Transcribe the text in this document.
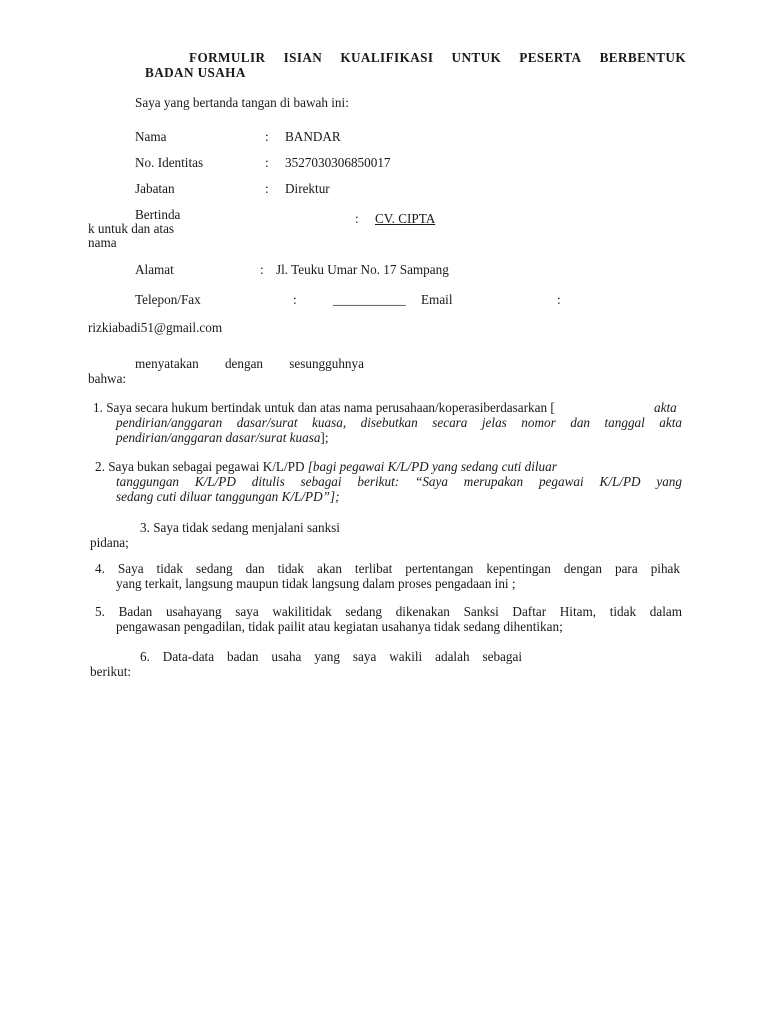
FORMULIR ISIAN KUALIFIKASI UNTUK PESERTA BERBENTUK
BADAN USAHA
Saya yang bertanda tangan di bawah ini:
Nama	: BANDAR
No. Identitas	: 3527030306850017
Jabatan	: Direktur
Bertinda	: CV. CIPTA
k untuk dan atas
nama
Alamat	: Jl. Teuku Umar No. 17 Sampang
Telepon/Fax	:	___________ Email	:
rizkiabadi51@gmail.com
menyatakan dengan sesungguhnya
bahwa:
1. Saya secara hukum bertindak untuk dan atas nama perusahaan/koperasiberdasarkan [	akta
pendirian/anggaran dasar/surat kuasa, disebutkan secara jelas nomor dan tanggal akta
pendirian/anggaran dasar/surat kuasa];
2. Saya bukan sebagai pegawai K/L/PD [bagi pegawai K/L/PD yang sedang cuti diluar
tanggungan K/L/PD ditulis sebagai berikut: “Saya merupakan pegawai K/L/PD yang
sedang cuti diluar tanggungan K/L/PD”];
3. Saya tidak sedang menjalani sanksi
pidana;
4. Saya tidak sedang dan tidak akan terlibat pertentangan kepentingan dengan para pihak
yang terkait, langsung maupun tidak langsung dalam proses pengadaan ini ;
5. Badan usahayang saya wakilitidak sedang dikenakan Sanksi Daftar Hitam, tidak dalam
pengawasan pengadilan, tidak pailit atau kegiatan usahanya tidak sedang dihentikan;
6. Data-data badan usaha yang saya wakili adalah sebagai
berikut:
